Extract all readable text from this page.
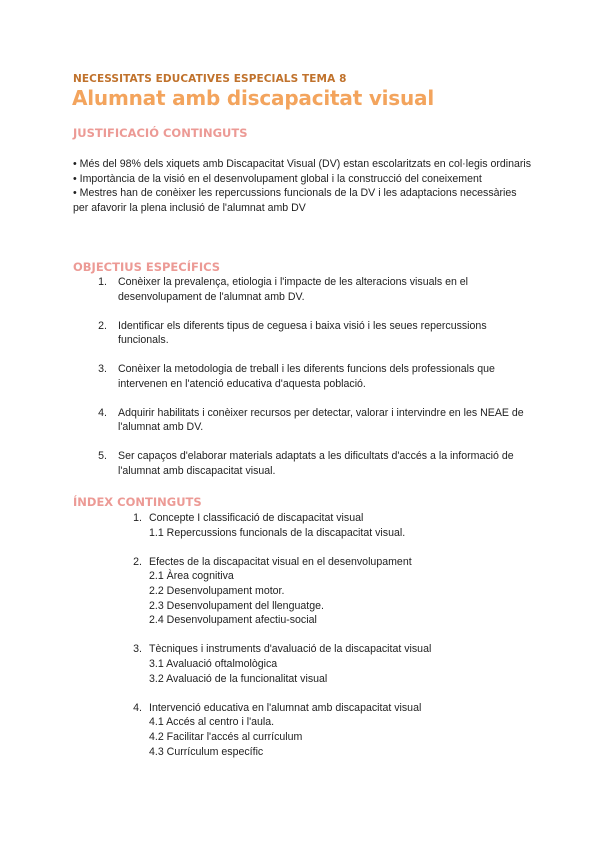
NECESSITATS EDUCATIVES ESPECIALS TEMA 8
Alumnat amb discapacitat visual
JUSTIFICACIÓ CONTINGUTS
• Més del 98% dels xiquets amb Discapacitat Visual (DV) estan escolaritzats en col·legis ordinaris
• Importància de la visió en el desenvolupament global i la construcció del coneixement
• Mestres han de conèixer les repercussions funcionals de la DV i les adaptacions necessàries per afavorir la plena inclusió de l'alumnat amb DV
OBJECTIUS ESPECÍFICS
1.	Conèixer la prevalença, etiologia i l'impacte de les alteracions visuals en el desenvolupament de l'alumnat amb DV.
2.	Identificar els diferents tipus de ceguesa i baixa visió i les seues repercussions funcionals.
3.	Conèixer la metodologia de treball i les diferents funcions dels professionals que intervenen en l'atenció educativa d'aquesta població.
4.	Adquirir habilitats i conèixer recursos per detectar, valorar i intervindre en les NEAE de l'alumnat amb DV.
5.	Ser capaços d'elaborar materials adaptats a les dificultats d'accés a la informació de l'alumnat amb discapacitat visual.
ÍNDEX CONTINGUTS
1. Concepte I classificació de discapacitat visual
1.1 Repercussions funcionals de la discapacitat visual.
2. Efectes de la discapacitat visual en el desenvolupament
2.1 Àrea cognitiva
2.2 Desenvolupament motor.
2.3 Desenvolupament del llenguatge.
2.4 Desenvolupament afectiu-social
3. Tècniques i instruments d'avaluació de la discapacitat visual
3.1 Avaluació oftalmològica
3.2 Avaluació de la funcionalitat visual
4. Intervenció educativa en l'alumnat amb discapacitat visual
4.1 Accés al centro i l'aula.
4.2 Facilitar l'accés al currículum
4.3 Currículum específic
